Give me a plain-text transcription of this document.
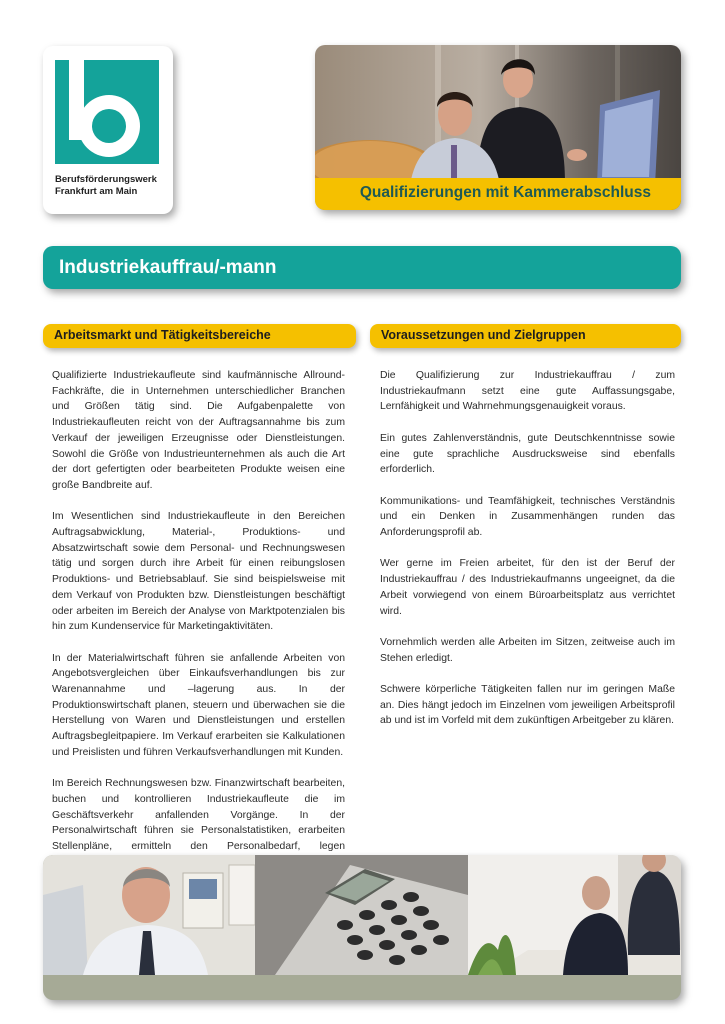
Berufsförderungswerk
Frankfurt am Main	Qualifizierungen mit Kammerabschluss
Industriekauffrau/-mann
Arbeitsmarkt und Tätigkeitsbereiche	Voraussetzungen und Zielgruppen

Qualifizierte Industriekaufleute sind kaufmännische Allround-Fachkräfte, die in Unternehmen unterschiedlicher Branchen und Größen tätig sind. Die Aufgabenpalette von Industriekaufleuten reicht von der Auftragsannahme bis zum Verkauf der jeweiligen Erzeugnisse oder Dienstleistungen. Sowohl die Größe von Industrieunternehmen als auch die Art der dort gefertigten oder bearbeiteten Produkte weisen eine große Bandbreite auf.

Im Wesentlichen sind Industriekaufleute in den Bereichen Auftragsabwicklung, Material-, Produktions- und Absatzwirtschaft sowie dem Personal- und Rechnungswesen tätig und sorgen durch ihre Arbeit für einen reibungslosen Produktions- und Betriebsablauf. Sie sind beispielsweise mit dem Verkauf von Produkten bzw. Dienstleistungen beschäftigt oder arbeiten im Bereich der Analyse von Marktpotenzialen bis hin zum Kundenservice für Marketingaktivitäten.

In der Materialwirtschaft führen sie anfallende Arbeiten von Angebotsvergleichen über Einkaufsverhandlungen bis zur Warenannahme und –lagerung aus. In der Produktionswirtschaft planen, steuern und überwachen sie die Herstellung von Waren und Dienstleistungen und erstellen Auftragsbegleitpapiere. Im Verkauf erarbeiten sie Kalkulationen und Preislisten und führen Verkaufsverhandlungen mit Kunden.

Im Bereich Rechnungswesen bzw. Finanzwirtschaft bearbeiten, buchen und kontrollieren Industriekaufleute die im Geschäftsverkehr anfallenden Vorgänge. In der Personalwirtschaft führen sie Personalstatistiken, erarbeiten Stellenpläne, ermitteln den Personalbedarf, legen

Die Qualifizierung zur Industriekauffrau / zum Industriekaufmann setzt eine gute Auffassungsgabe, Lernfähigkeit und Wahrnehmungsgenauigkeit voraus.

Ein gutes Zahlenverständnis, gute Deutschkenntnisse sowie eine gute sprachliche Ausdrucksweise sind ebenfalls erforderlich.

Kommunikations- und Teamfähigkeit, technisches Verständnis und ein Denken in Zusammenhängen runden das Anforderungsprofil ab.

Wer gerne im Freien arbeitet, für den ist der Beruf der Industriekauffrau / des Industriekaufmanns ungeeignet, da die Arbeit vorwiegend von einem Büroarbeitsplatz aus verrichtet wird.

Vornehmlich werden alle Arbeiten im Sitzen, zeitweise auch im Stehen erledigt.

Schwere körperliche Tätigkeiten fallen nur im geringen Maße an. Dies hängt jedoch im Einzelnen vom jeweiligen Arbeitsprofil ab und ist im Vorfeld mit dem zukünftigen Arbeitgeber zu klären.
